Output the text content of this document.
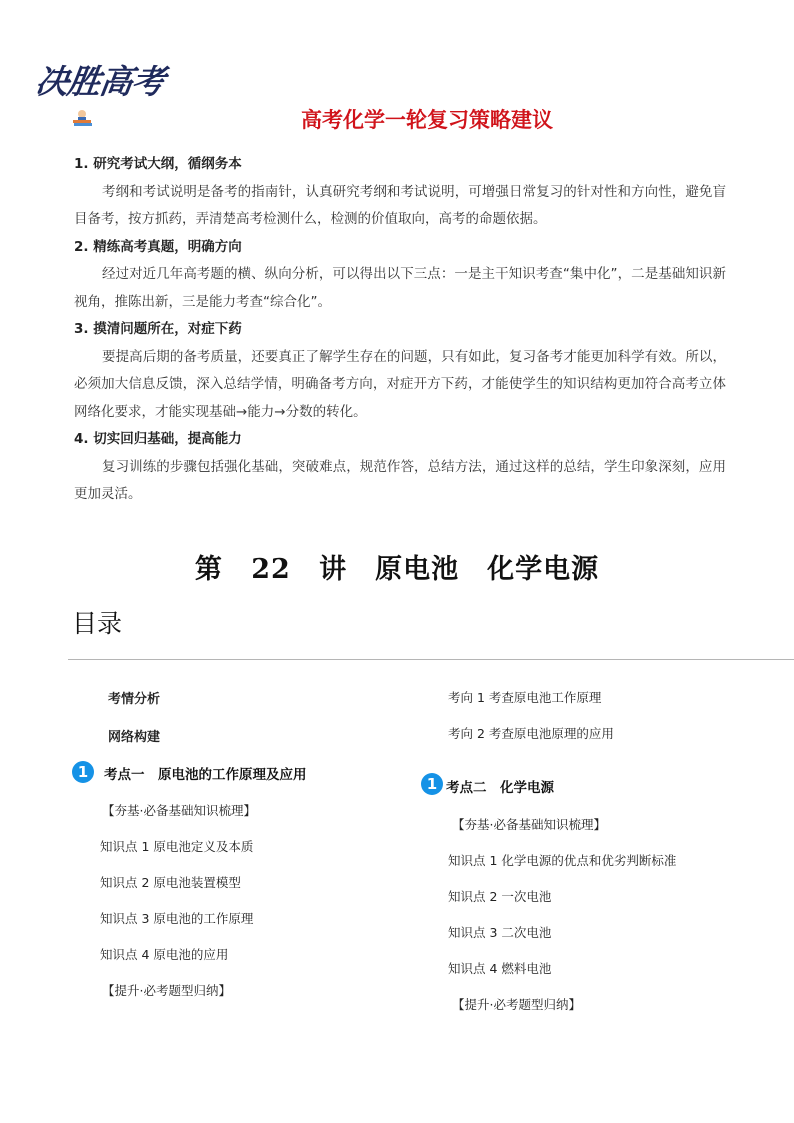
决胜高考
高考化学一轮复习策略建议
1. 研究考试大纲，循纲务本
考纲和考试说明是备考的指南针，认真研究考纲和考试说明，可增强日常复习的针对性和方向性，避免盲目备考，按方抓药，弄清楚高考检测什么，检测的价值取向，高考的命题依据。
2. 精练高考真题，明确方向
经过对近几年高考题的横、纵向分析，可以得出以下三点：一是主干知识考查“集中化”，二是基础知识新视角，推陈出新，三是能力考查“综合化”。
3. 摸清问题所在，对症下药
要提高后期的备考质量，还要真正了解学生存在的问题，只有如此，复习备考才能更加科学有效。所以，必须加大信息反馈，深入总结学情，明确备考方向，对症开方下药，才能使学生的知识结构更加符合高考立体网络化要求，才能实现基础→能力→分数的转化。
4. 切实回归基础，提高能力
复习训练的步骤包括强化基础，突破难点，规范作答，总结方法，通过这样的总结，学生印象深刻，应用更加灵活。
第 22 讲　原电池　化学电源
目录
考情分析
网络构建
1	考点一　原电池的工作原理及应用
【夯基·必备基础知识梳理】
知识点 1 原电池定义及本质
知识点 2 原电池装置模型
知识点 3 原电池的工作原理
知识点 4 原电池的应用
【提升·必考题型归纳】
考向 1 考查原电池工作原理
考向 2 考查原电池原理的应用
1 考点二　化学电源
【夯基·必备基础知识梳理】
知识点 1 化学电源的优点和优劣判断标准
知识点 2 一次电池
知识点 3 二次电池
知识点 4 燃料电池
【提升·必考题型归纳】
